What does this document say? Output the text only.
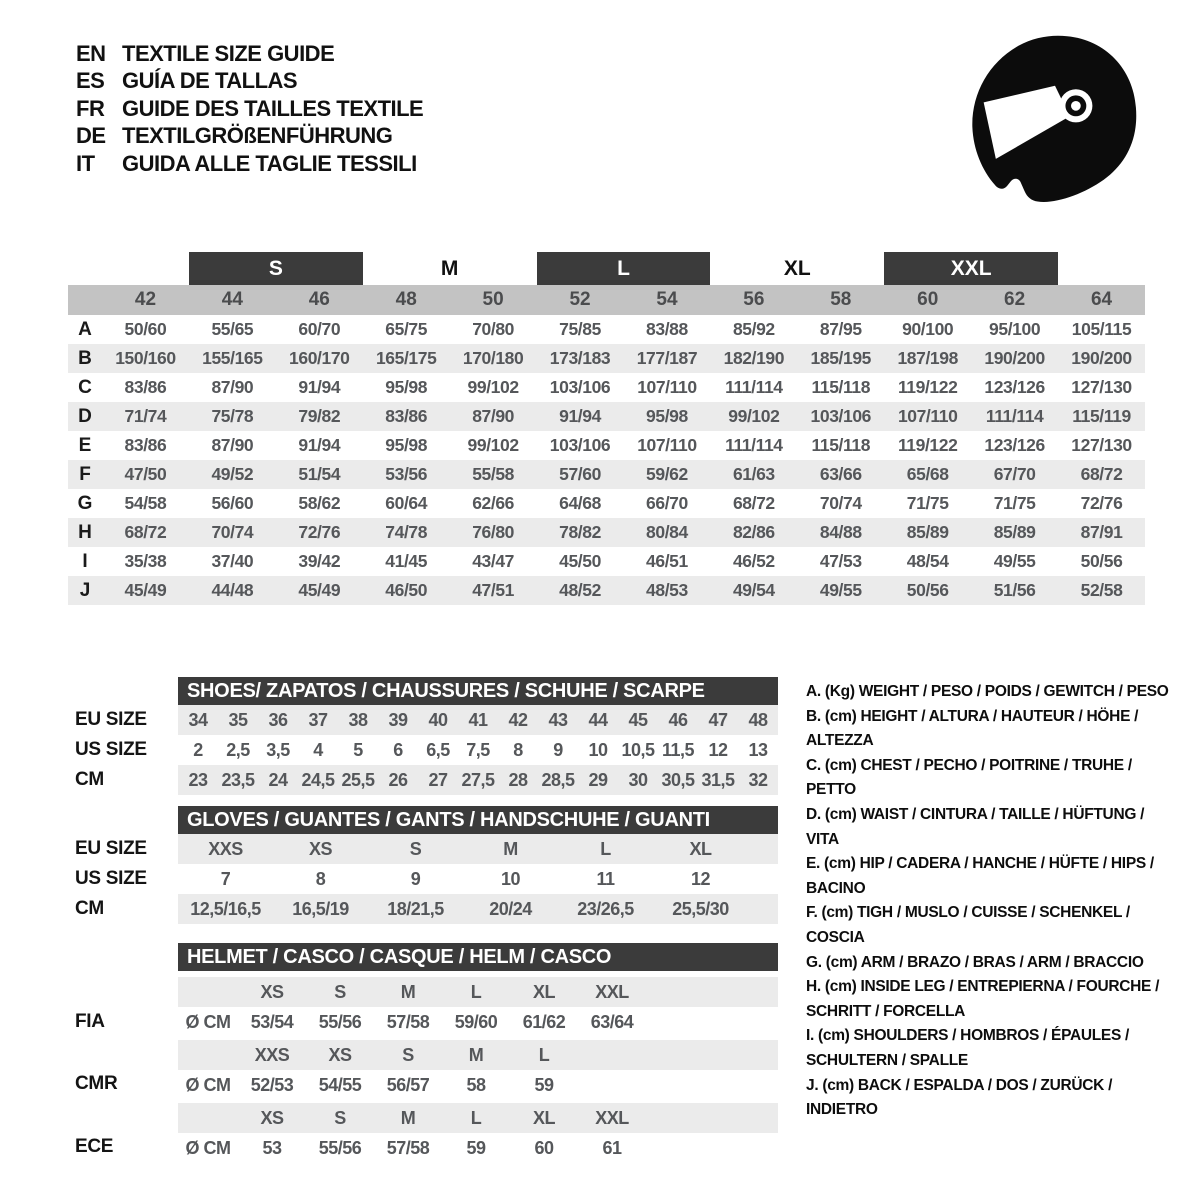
EN TEXTILE SIZE GUIDE
ES GUÍA DE TALLAS
FR GUIDE DES TAILLES TEXTILE
DE TEXTILGRÖßENFÜHRUNG
IT	GUIDA ALLE TAGLIE TESSILI
S	M	L	XL	XXL
42	44	46	48	50	52	54	56	58	60	62	64
A	50/60	55/65	60/70	65/75	70/80	75/85	83/88	85/92	87/95	90/100	95/100	105/115
B	150/160	155/165	160/170	165/175	170/180	173/183	177/187	182/190	185/195	187/198	190/200	190/200
C	83/86	87/90	91/94	95/98	99/102	103/106	107/110	111/114	115/118	119/122	123/126	127/130
D	71/74	75/78	79/82	83/86	87/90	91/94	95/98	99/102	103/106	107/110	111/114	115/119
E	83/86	87/90	91/94	95/98	99/102	103/106	107/110	111/114	115/118	119/122	123/126	127/130
F	47/50	49/52	51/54	53/56	55/58	57/60	59/62	61/63	63/66	65/68	67/70	68/72
G	54/58	56/60	58/62	60/64	62/66	64/68	66/70	68/72	70/74	71/75	71/75	72/76
H	68/72	70/74	72/76	74/78	76/80	78/82	80/84	82/86	84/88	85/89	85/89	87/91
I	35/38	37/40	39/42	41/45	43/47	45/50	46/51	46/52	47/53	48/54	49/55	50/56
J	45/49	44/48	45/49	46/50	47/51	48/52	48/53	49/54	49/55	50/56	51/56	52/58
SHOES/ ZAPATOS / CHAUSSURES / SCHUHE / SCARPE
34	35	36	37	38	39	40	41	42	43	44	45	46	47	48
2	2,5 3,5	4	5	6	6,5 7,5	8	9	10 10,5 11,5 12	13
23 23,5 24 24,5 25,5 26	27 27,5 28 28,5 29	30 30,5 31,5 32
EU SIZE
US SIZE
CM
GLOVES / GUANTES / GANTS / HANDSCHUHE / GUANTI
XXS	XS	S	M	L	XL
7	8	9	10	11	12
12,5/16,5	16,5/19	18/21,5	20/24	23/26,5	25,5/30
EU SIZE
US SIZE
CM
HELMET / CASCO / CASQUE / HELM / CASCO
XS	S	M	L	XL	XXL
Ø CM	53/54	55/56	57/58	59/60	61/62	63/64
XXS	XS	S	M	L
Ø CM	52/53	54/55	56/57	58	59
XS	S	M	L	XL	XXL
Ø CM	53	55/56	57/58	59	60	61
FIA
CMR
ECE
A. (Kg) WEIGHT / PESO / POIDS / GEWITCH / PESO
B. (cm) HEIGHT / ALTURA / HAUTEUR / HÖHE / ALTEZZA
C. (cm) CHEST / PECHO / POITRINE / TRUHE / PETTO
D. (cm) WAIST / CINTURA / TAILLE / HÜFTUNG / VITA
E. (cm) HIP / CADERA / HANCHE / HÜFTE / HIPS / BACINO
F. (cm) TIGH / MUSLO / CUISSE / SCHENKEL / COSCIA
G. (cm) ARM / BRAZO / BRAS / ARM / BRACCIO
H. (cm) INSIDE LEG / ENTREPIERNA / FOURCHE / SCHRITT / FORCELLA
I. (cm) SHOULDERS / HOMBROS / ÉPAULES / SCHULTERN / SPALLE
J. (cm) BACK / ESPALDA / DOS / ZURÜCK / INDIETRO
